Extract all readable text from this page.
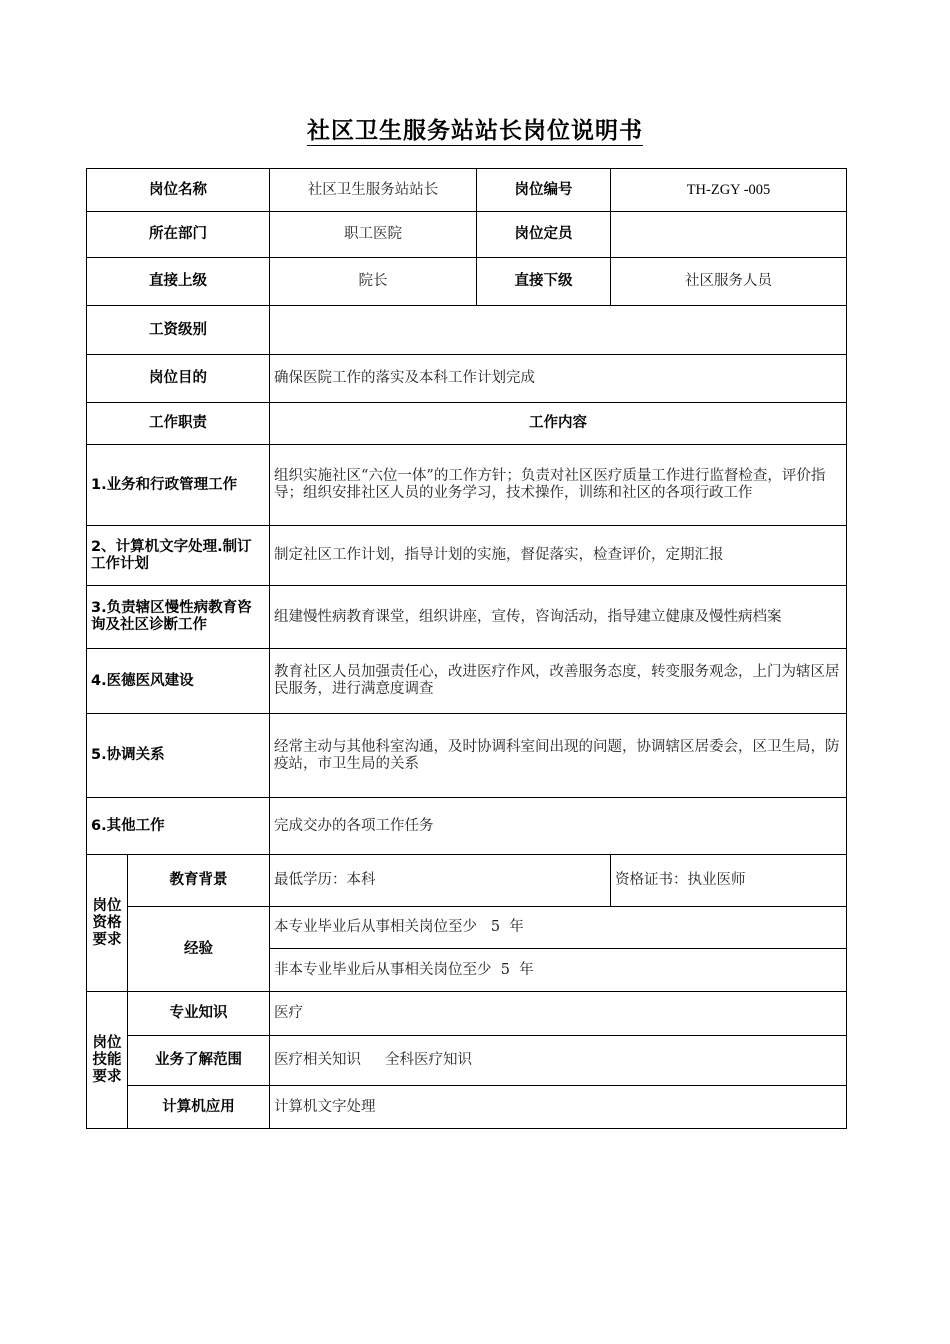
社区卫生服务站站长岗位说明书
岗位名称		社区卫生服务站站长	岗位编号	TH-ZGY -005
所在部门		职工医院	岗位定员	
直接上级		院长	直接下级	社区服务人员
工资级别				
岗位目的		确保医院工作的落实及本科工作计划完成		
工作职责		工作内容		
1.业务和行政管理工作		组织实施社区“六位一体”的工作方针；负责对社区医疗质量工作进行监督检查，评价指导；组织安排社区人员的业务学习，技术操作，训练和社区的各项行政工作		
2、计算机文字处理.制订工作计划		制定社区工作计划，指导计划的实施，督促落实，检查评价，定期汇报		
3.负责辖区慢性病教育咨询及社区诊断工作		组建慢性病教育课堂，组织讲座，宣传，咨询活动，指导建立健康及慢性病档案		
4.医德医风建设		教育社区人员加强责任心，改进医疗作风，改善服务态度，转变服务观念，上门为辖区居民服务，进行满意度调查		
5.协调关系		经常主动与其他科室沟通，及时协调科室间出现的问题，协调辖区居委会，区卫生局，防疫站，市卫生局的关系		
6.其他工作		完成交办的各项工作任务		
岗位资格要求	教育背景	最低学历：本科		资格证书：执业医师
	经验	本专业毕业后从事相关岗位至少   5  年		
		非本专业毕业后从事相关岗位至少  5  年		
岗位技能要求	专业知识	医疗		
	业务了解范围	医疗相关知识 全科医疗知识		
	计算机应用	计算机文字处理		
